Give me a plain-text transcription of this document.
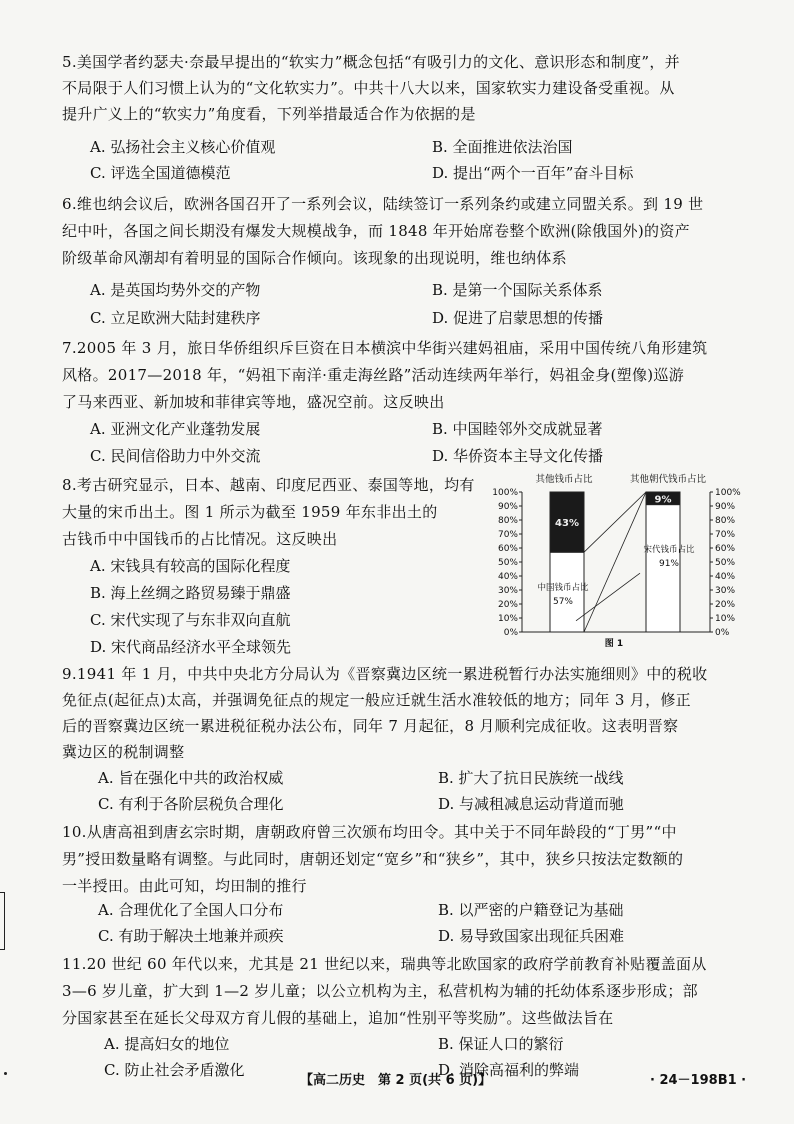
5.美国学者约瑟夫·奈最早提出的“软实力”概念包括“有吸引力的文化、意识形态和制度”，并
不局限于人们习惯上认为的“文化软实力”。中共十八大以来，国家软实力建设备受重视。从
提升广义上的“软实力”角度看，下列举措最适合作为依据的是
A. 弘扬社会主义核心价值观	B. 全面推进依法治国
C. 评选全国道德模范	D. 提出“两个一百年”奋斗目标
6.维也纳会议后，欧洲各国召开了一系列会议，陆续签订一系列条约或建立同盟关系。到 19 世
纪中叶，各国之间长期没有爆发大规模战争，而 1848 年开始席卷整个欧洲(除俄国外)的资产
阶级革命风潮却有着明显的国际合作倾向。该现象的出现说明，维也纳体系
A. 是英国均势外交的产物	B. 是第一个国际关系体系
C. 立足欧洲大陆封建秩序	D. 促进了启蒙思想的传播
7.2005 年 3 月，旅日华侨组织斥巨资在日本横滨中华街兴建妈祖庙，采用中国传统八角形建筑
风格。2017—2018 年，“妈祖下南洋·重走海丝路”活动连续两年举行，妈祖金身(塑像)巡游
了马来西亚、新加坡和菲律宾等地，盛况空前。这反映出
A. 亚洲文化产业蓬勃发展	B. 中国睦邻外交成就显著
C. 民间信俗助力中外交流	D. 华侨资本主导文化传播
8.考古研究显示，日本、越南、印度尼西亚、泰国等地，均有
大量的宋币出土。图 1 所示为截至 1959 年东非出土的
古钱币中中国钱币的占比情况。这反映出
A. 宋钱具有较高的国际化程度
B. 海上丝绸之路贸易臻于鼎盛
C. 宋代实现了与东非双向直航
D. 宋代商品经济水平全球领先
100%	100%
90%	90%
80%	80%
70%	70%
60%	60%
50%	50%
40%	40%
30%	30%
20%	20%
10%	10%
0%	0%
43%
9%
中国钱币占比
57%
宋代钱币占比
91%
其他钱币占比	其他朝代钱币占比
图 1
9.1941 年 1 月，中共中央北方分局认为《晋察冀边区统一累进税暂行办法实施细则》中的税收
免征点(起征点)太高，并强调免征点的规定一般应迁就生活水准较低的地方；同年 3 月，修正
后的晋察冀边区统一累进税征税办法公布，同年 7 月起征，8 月顺利完成征收。这表明晋察
冀边区的税制调整
A. 旨在强化中共的政治权威	B. 扩大了抗日民族统一战线
C. 有利于各阶层税负合理化	D. 与减租减息运动背道而驰
10.从唐高祖到唐玄宗时期，唐朝政府曾三次颁布均田令。其中关于不同年龄段的“丁男”“中
男”授田数量略有调整。与此同时，唐朝还划定“宽乡”和“狭乡”，其中，狭乡只按法定数额的
一半授田。由此可知，均田制的推行
A. 合理优化了全国人口分布	B. 以严密的户籍登记为基础
C. 有助于解决土地兼并顽疾	D. 易导致国家出现征兵困难
11.20 世纪 60 年代以来，尤其是 21 世纪以来，瑞典等北欧国家的政府学前教育补贴覆盖面从
3—6 岁儿童，扩大到 1—2 岁儿童；以公立机构为主，私营机构为辅的托幼体系逐步形成；部
分国家甚至在延长父母双方育儿假的基础上，追加“性别平等奖励”。这些做法旨在
A. 提高妇女的地位	B. 保证人口的繁衍
C. 防止社会矛盾激化	D. 消除高福利的弊端
【高二历史　第 2 页(共 6 页)】	· 24－198B1 ·
